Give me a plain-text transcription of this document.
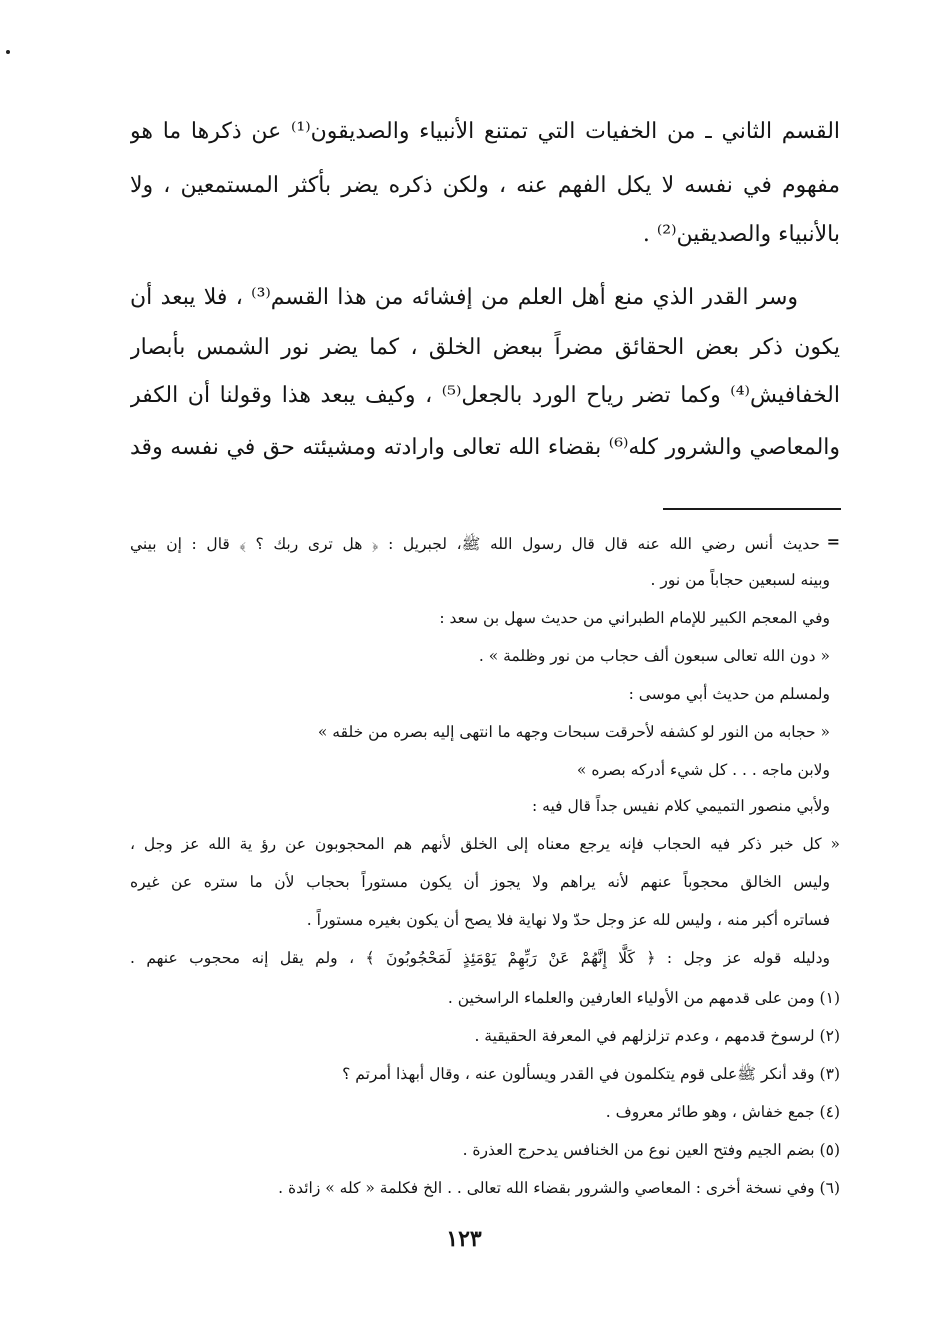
القسم الثاني ـ من الخفيات التي تمتنع الأنبياء والصديقون⁽¹⁾ عن ذكرها ما هو
مفهوم في نفسه لا يكل الفهم عنه ، ولكن ذكره يضر بأكثر المستمعين ، ولا
بالأنبياء والصديقين⁽²⁾ .
وسر القدر الذي منع أهل العلم من إفشائه من هذا القسم⁽³⁾ ، فلا يبعد أن
يكون ذكر بعض الحقائق مضراً ببعض الخلق ، كما يضر نور الشمس بأبصار
الخفافيش⁽⁴⁾ وكما تضر رياح الورد بالجعل⁽⁵⁾ ، وكيف يبعد هذا وقولنا أن الكفر
والمعاصي والشرور كله⁽⁶⁾ بقضاء الله تعالى وارادته ومشيئته حق في نفسه وقد
=
حديث أنس رضي الله عنه قال قال رسول الله ﷺ، لجبريل : ﴿ هل ترى ربك ؟ ﴾ قال : إن بيني
وبينه لسبعين حجاباً من نور .
وفي المعجم الكبير للإمام الطبراني من حديث سهل بن سعد :
« دون الله تعالى سبعون ألف حجاب من نور وظلمة » .
ولمسلم من حديث أبي موسى :
« حجابه من النور لو كشفه لأحرقت سبحات وجهه ما انتهى إليه بصره من خلقه »
ولابن ماجه . . . كل شيء أدركه بصره »
ولأبي منصور التميمي كلام نفيس جداً قال فيه :
« كل خبر ذكر فيه الحجاب فإنه يرجع معناه إلى الخلق لأنهم هم المحجوبون عن رؤ ية الله عز وجل ،
وليس الخالق محجوباً عنهم لأنه يراهم ولا يجوز أن يكون مستوراً بحجاب لأن ما ستره عن غيره
فساتره أكبر منه ، وليس لله عز وجل حدّ ولا نهاية فلا يصح أن يكون بغيره مستوراً .
ودليله قوله عز وجل : ﴿ كَلَّا إِنَّهُمْ عَنْ رَبِّهِمْ يَوْمَئِذٍ لَمَحْجُوبُونَ ﴾ ، ولم يقل إنه محجوب عنهم .
(١) ومن على قدمهم من الأولياء العارفين والعلماء الراسخين .
(٢) لرسوخ قدمهم ، وعدم تزلزلهم في المعرفة الحقيقية .
(٣) وقد أنكر ﷺعلى قوم يتكلمون في القدر ويسألون عنه ، وقال أبهذا أمرتم ؟
(٤) جمع خفاش ، وهو طائر معروف .
(٥) بضم الجيم وفتح العين نوع من الخنافس يدحرج العذرة .
(٦) وفي نسخة أخرى : المعاصي والشرور بقضاء الله تعالى . . الخ فكلمة « كله » زائدة .
١٢٣
